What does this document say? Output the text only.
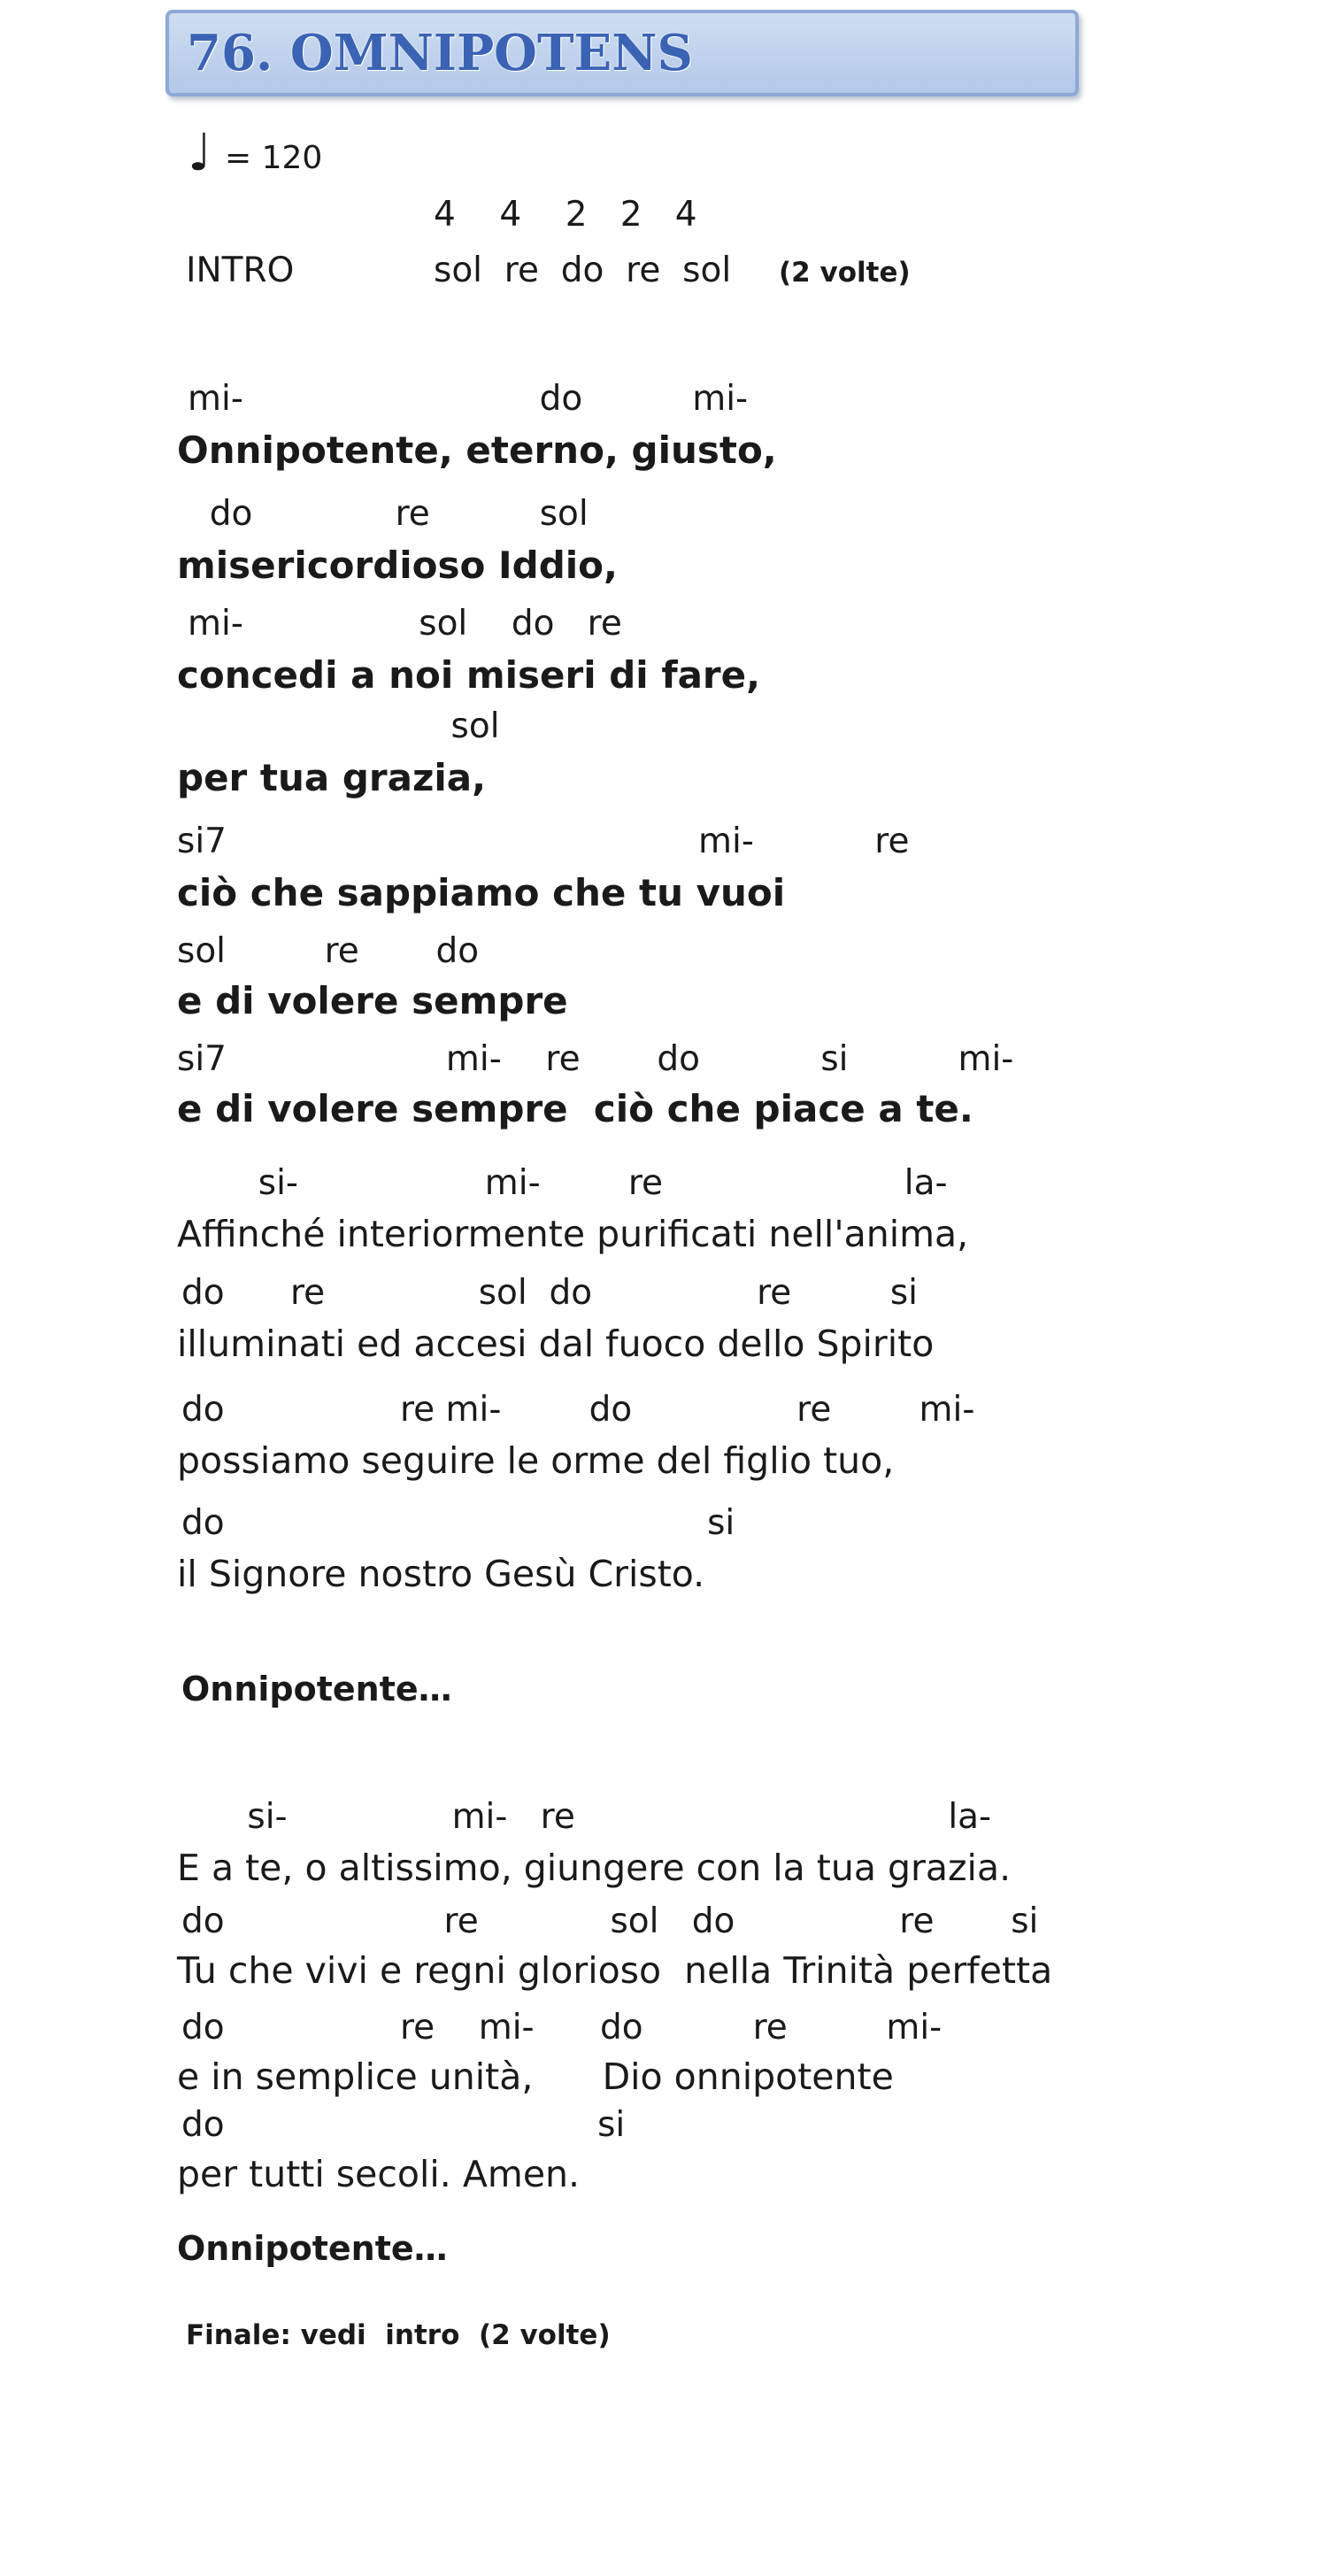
76. OMNIPOTENS
♩ = 120
4    4    2   2   4
INTRO	sol  re  do  re  sol (2 volte)
mi-                           do          mi-
Onnipotente, eterno, giusto,
do             re          sol
misericordioso Iddio,
mi-                sol    do   re
concedi a noi miseri di fare,
sol
per tua grazia,
si7                                           mi-           re
ciò che sappiamo che tu vuoi
sol         re       do
e di volere sempre
si7                    mi-    re       do           si          mi-
e di volere sempre  ciò che piace a te.
si-                 mi-        re                      la-
Affinché interiormente purificati nell'anima,
do      re              sol  do               re         si
illuminati ed accesi dal fuoco dello Spirito
do                re mi-        do               re        mi-
possiamo seguire le orme del figlio tuo,
do                                            si
il Signore nostro Gesù Cristo.
Onnipotente…
si-               mi-   re                                  la-
E a te, o altissimo, giungere con la tua grazia.
do                    re            sol   do               re       si
Tu che vivi e regni glorioso  nella Trinità perfetta
do                re    mi-      do          re         mi-
e in semplice unità,      Dio onnipotente
do                                  si
per tutti secoli. Amen.
Onnipotente…
Finale: vedi  intro  (2 volte)
